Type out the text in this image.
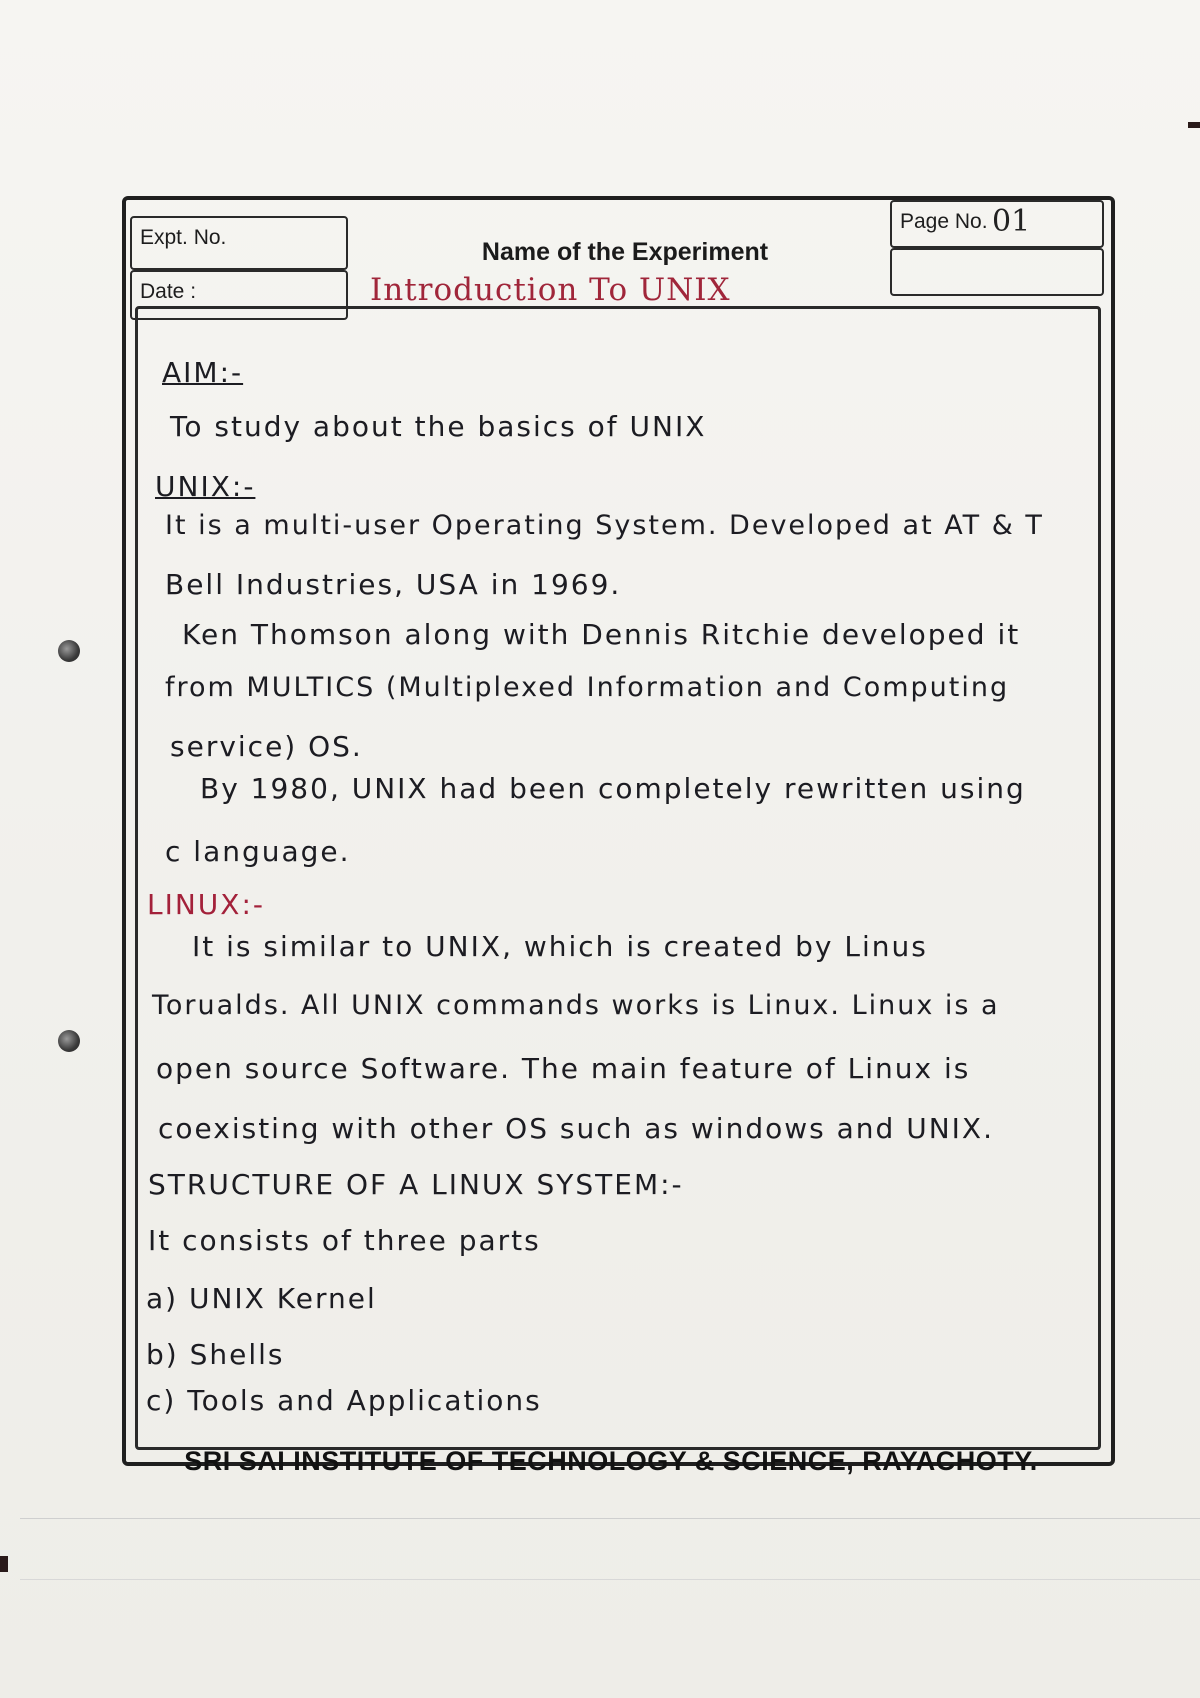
Expt. No.
Date :
Page No. 01
Name of the Experiment
Introduction To UNIX
AIM:-
To study about the basics of UNIX
UNIX:-
It is a multi-user Operating System. Developed at AT & T
Bell Industries, USA in 1969.
Ken Thomson along with Dennis Ritchie developed it
from MULTICS (Multiplexed Information and Computing
service) OS.
By 1980, UNIX had been completely rewritten using
c language.
LINUX:-
It is similar to UNIX, which is created by Linus
Torualds. All UNIX commands works is Linux. Linux is a
open source Software. The main feature of Linux is
coexisting with other OS such as windows and UNIX.
STRUCTURE OF A LINUX SYSTEM:-
It consists of three parts
a) UNIX Kernel
b) Shells
c) Tools and Applications
SRI SAI INSTITUTE OF TECHNOLOGY & SCIENCE, RAYACHOTY.
